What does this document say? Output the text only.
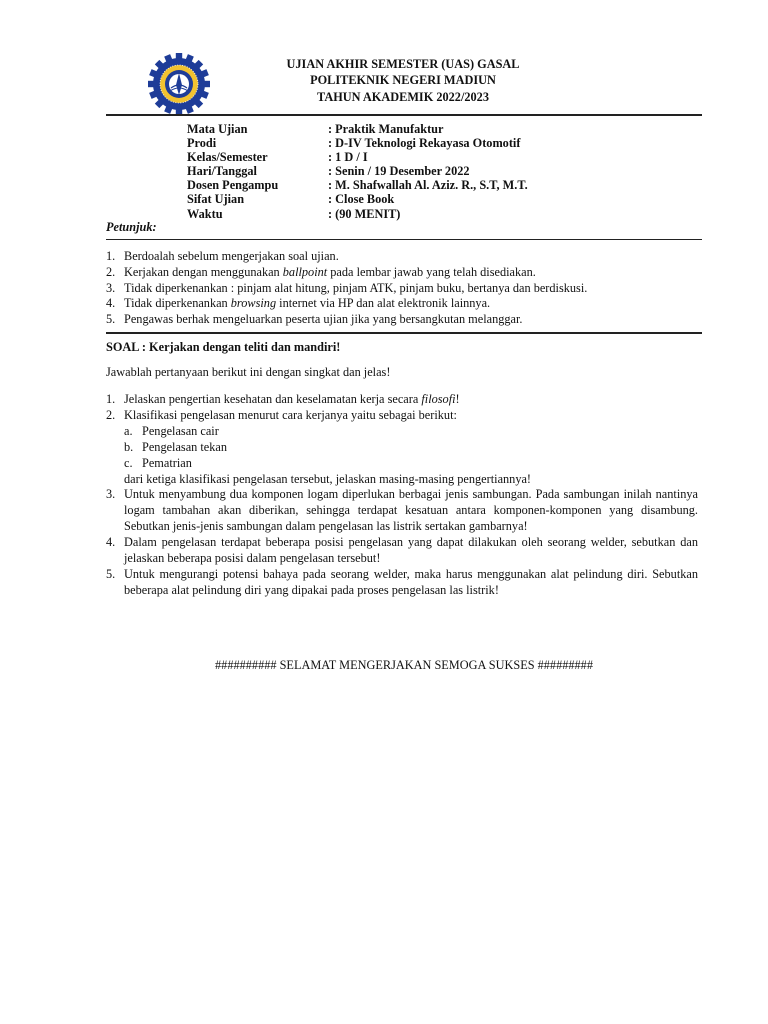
UJIAN AKHIR SEMESTER (UAS) GASAL
POLITEKNIK NEGERI MADIUN
TAHUN AKADEMIK 2022/2023
Mata Ujian	: Praktik Manufaktur
Prodi	: D-IV Teknologi Rekayasa Otomotif
Kelas/Semester	: 1 D / I
Hari/Tanggal	: Senin / 19 Desember 2022
Dosen Pengampu	: M. Shafwallah Al. Aziz. R., S.T, M.T.
Sifat Ujian	: Close Book
Waktu	: (90 MENIT)
Petunjuk:
1. Berdoalah sebelum mengerjakan soal ujian.
2. Kerjakan dengan menggunakan ballpoint pada lembar jawab yang telah disediakan.
3. Tidak diperkenankan : pinjam alat hitung, pinjam ATK, pinjam buku, bertanya dan berdiskusi.
4. Tidak diperkenankan browsing internet via HP dan alat elektronik lainnya.
5. Pengawas berhak mengeluarkan peserta ujian jika yang bersangkutan melanggar.
SOAL : Kerjakan dengan teliti dan mandiri!
Jawablah pertanyaan berikut ini dengan singkat dan jelas!
1. Jelaskan pengertian kesehatan dan keselamatan kerja secara filosofi!
2. Klasifikasi pengelasan menurut cara kerjanya yaitu sebagai berikut:
a. Pengelasan cair
b. Pengelasan tekan
c. Pematrian
dari ketiga klasifikasi pengelasan tersebut, jelaskan masing-masing pengertiannya!
3. Untuk menyambung dua komponen logam diperlukan berbagai jenis sambungan. Pada sambungan inilah nantinya logam tambahan akan diberikan, sehingga terdapat kesatuan antara komponen-komponen yang disambung. Sebutkan jenis-jenis sambungan dalam pengelasan las listrik sertakan gambarnya!
4. Dalam pengelasan terdapat beberapa posisi pengelasan yang dapat dilakukan oleh seorang welder, sebutkan dan jelaskan beberapa posisi dalam pengelasan tersebut!
5. Untuk mengurangi potensi bahaya pada seorang welder, maka harus menggunakan alat pelindung diri. Sebutkan beberapa alat pelindung diri yang dipakai pada proses pengelasan las listrik!
########## SELAMAT MENGERJAKAN SEMOGA SUKSES #########
